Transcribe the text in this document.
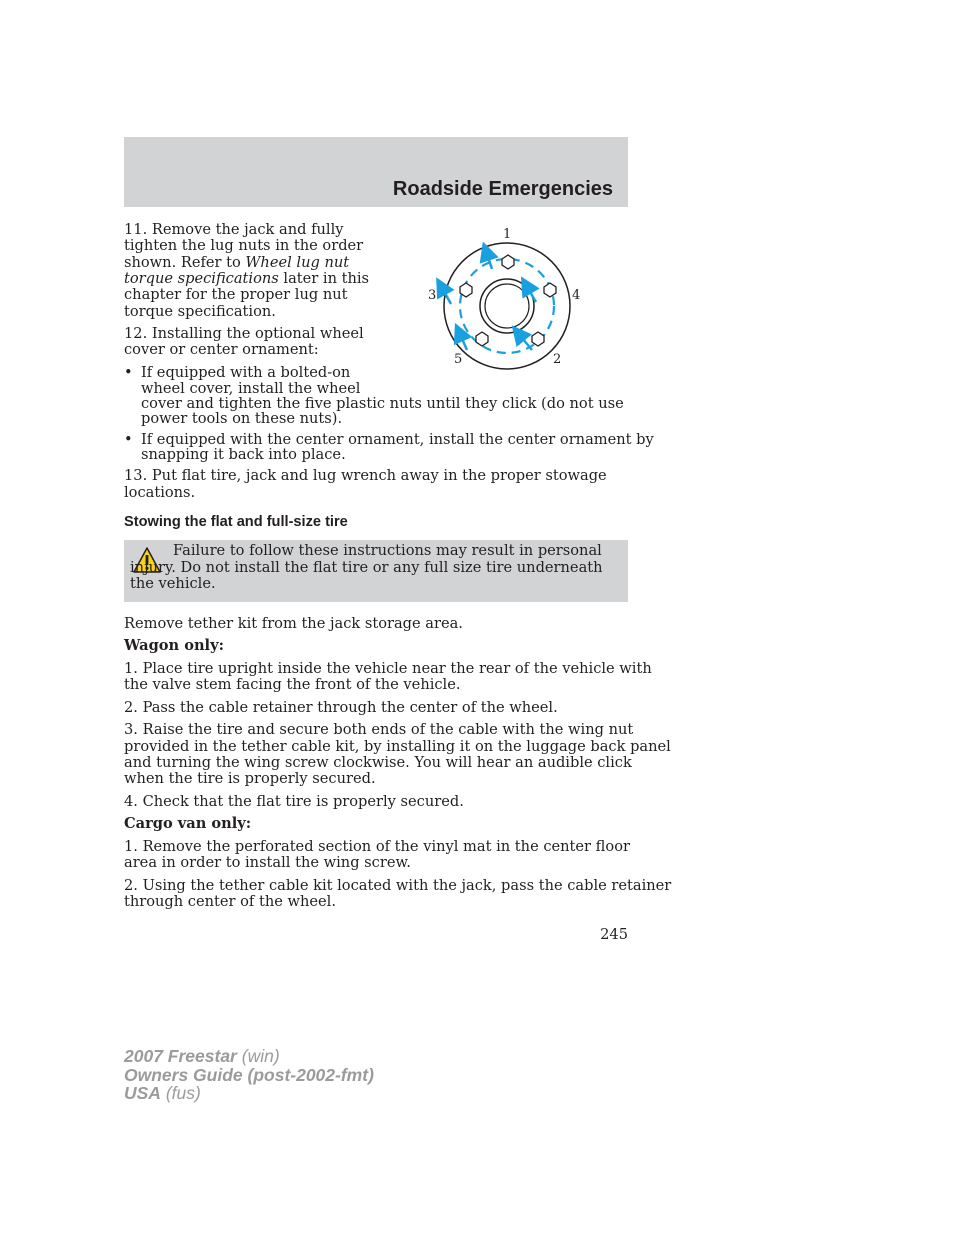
Roadside Emergencies
11. Remove the jack and fully
tighten the lug nuts in the order
shown. Refer to Wheel lug nut
torque specifications later in this
chapter for the proper lug nut
torque specification.
12. Installing the optional wheel
cover or center ornament:
• If equipped with a bolted-on
wheel cover, install the wheel
cover and tighten the five plastic nuts until they click (do not use
power tools on these nuts).
• If equipped with the center ornament, install the center ornament by
snapping it back into place.
13. Put flat tire, jack and lug wrench away in the proper stowage
locations.
1
4
2
5
3
Stowing the flat and full-size tire

Failure to follow these instructions may result in personal injury. Do not install the flat tire or any full size tire underneath the vehicle.

Remove tether kit from the jack storage area.
Wagon only:
1. Place tire upright inside the vehicle near the rear of the vehicle with
the valve stem facing the front of the vehicle.
2. Pass the cable retainer through the center of the wheel.
3. Raise the tire and secure both ends of the cable with the wing nut
provided in the tether cable kit, by installing it on the luggage back panel
and turning the wing screw clockwise. You will hear an audible click
when the tire is properly secured.
4. Check that the flat tire is properly secured.
Cargo van only:
1. Remove the perforated section of the vinyl mat in the center floor
area in order to install the wing screw.
2. Using the tether cable kit located with the jack, pass the cable retainer
through center of the wheel.
245
2007 Freestar (win)
Owners Guide (post-2002-fmt)
USA (fus)
